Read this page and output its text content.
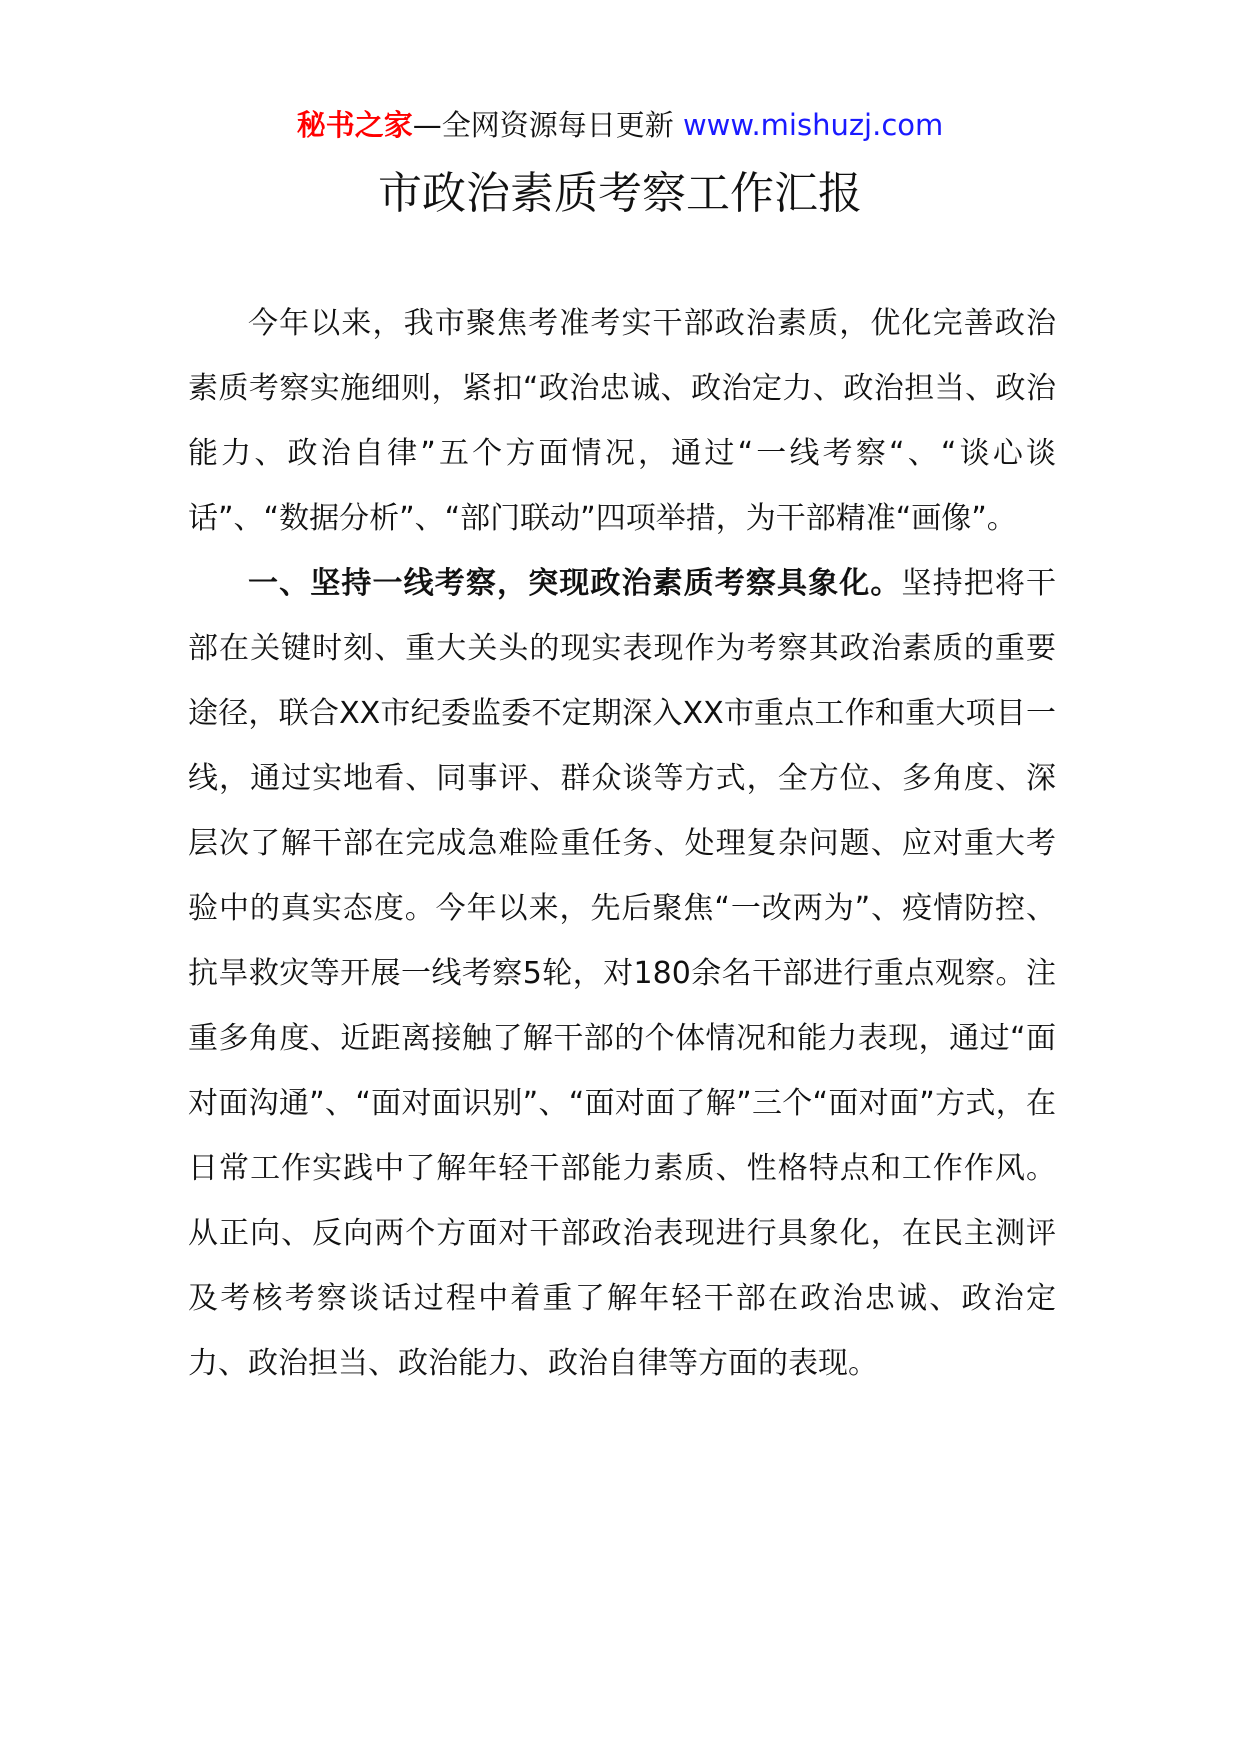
秘书之家—全网资源每日更新 www.mishuzj.com
市政治素质考察工作汇报

今年以来，我市聚焦考准考实干部政治素质，优化完善政治素质考察实施细则，紧扣“政治忠诚、政治定力、政治担当、政治能力、政治自律”五个方面情况，通过“一线考察“、“谈心谈话”、“数据分析”、“部门联动”四项举措，为干部精准“画像”。

一、坚持一线考察，突现政治素质考察具象化。坚持把将干部在关键时刻、重大关头的现实表现作为考察其政治素质的重要途径，联合XX市纪委监委不定期深入XX市重点工作和重大项目一线，通过实地看、同事评、群众谈等方式，全方位、多角度、深层次了解干部在完成急难险重任务、处理复杂问题、应对重大考验中的真实态度。今年以来，先后聚焦“一改两为”、疫情防控、抗旱救灾等开展一线考察5轮，对180余名干部进行重点观察。注重多角度、近距离接触了解干部的个体情况和能力表现，通过“面对面沟通”、“面对面识别”、“面对面了解”三个“面对面”方式，在日常工作实践中了解年轻干部能力素质、性格特点和工作作风。从正向、反向两个方面对干部政治表现进行具象化，在民主测评及考核考察谈话过程中着重了解年轻干部在政治忠诚、政治定力、政治担当、政治能力、政治自律等方面的表现。
